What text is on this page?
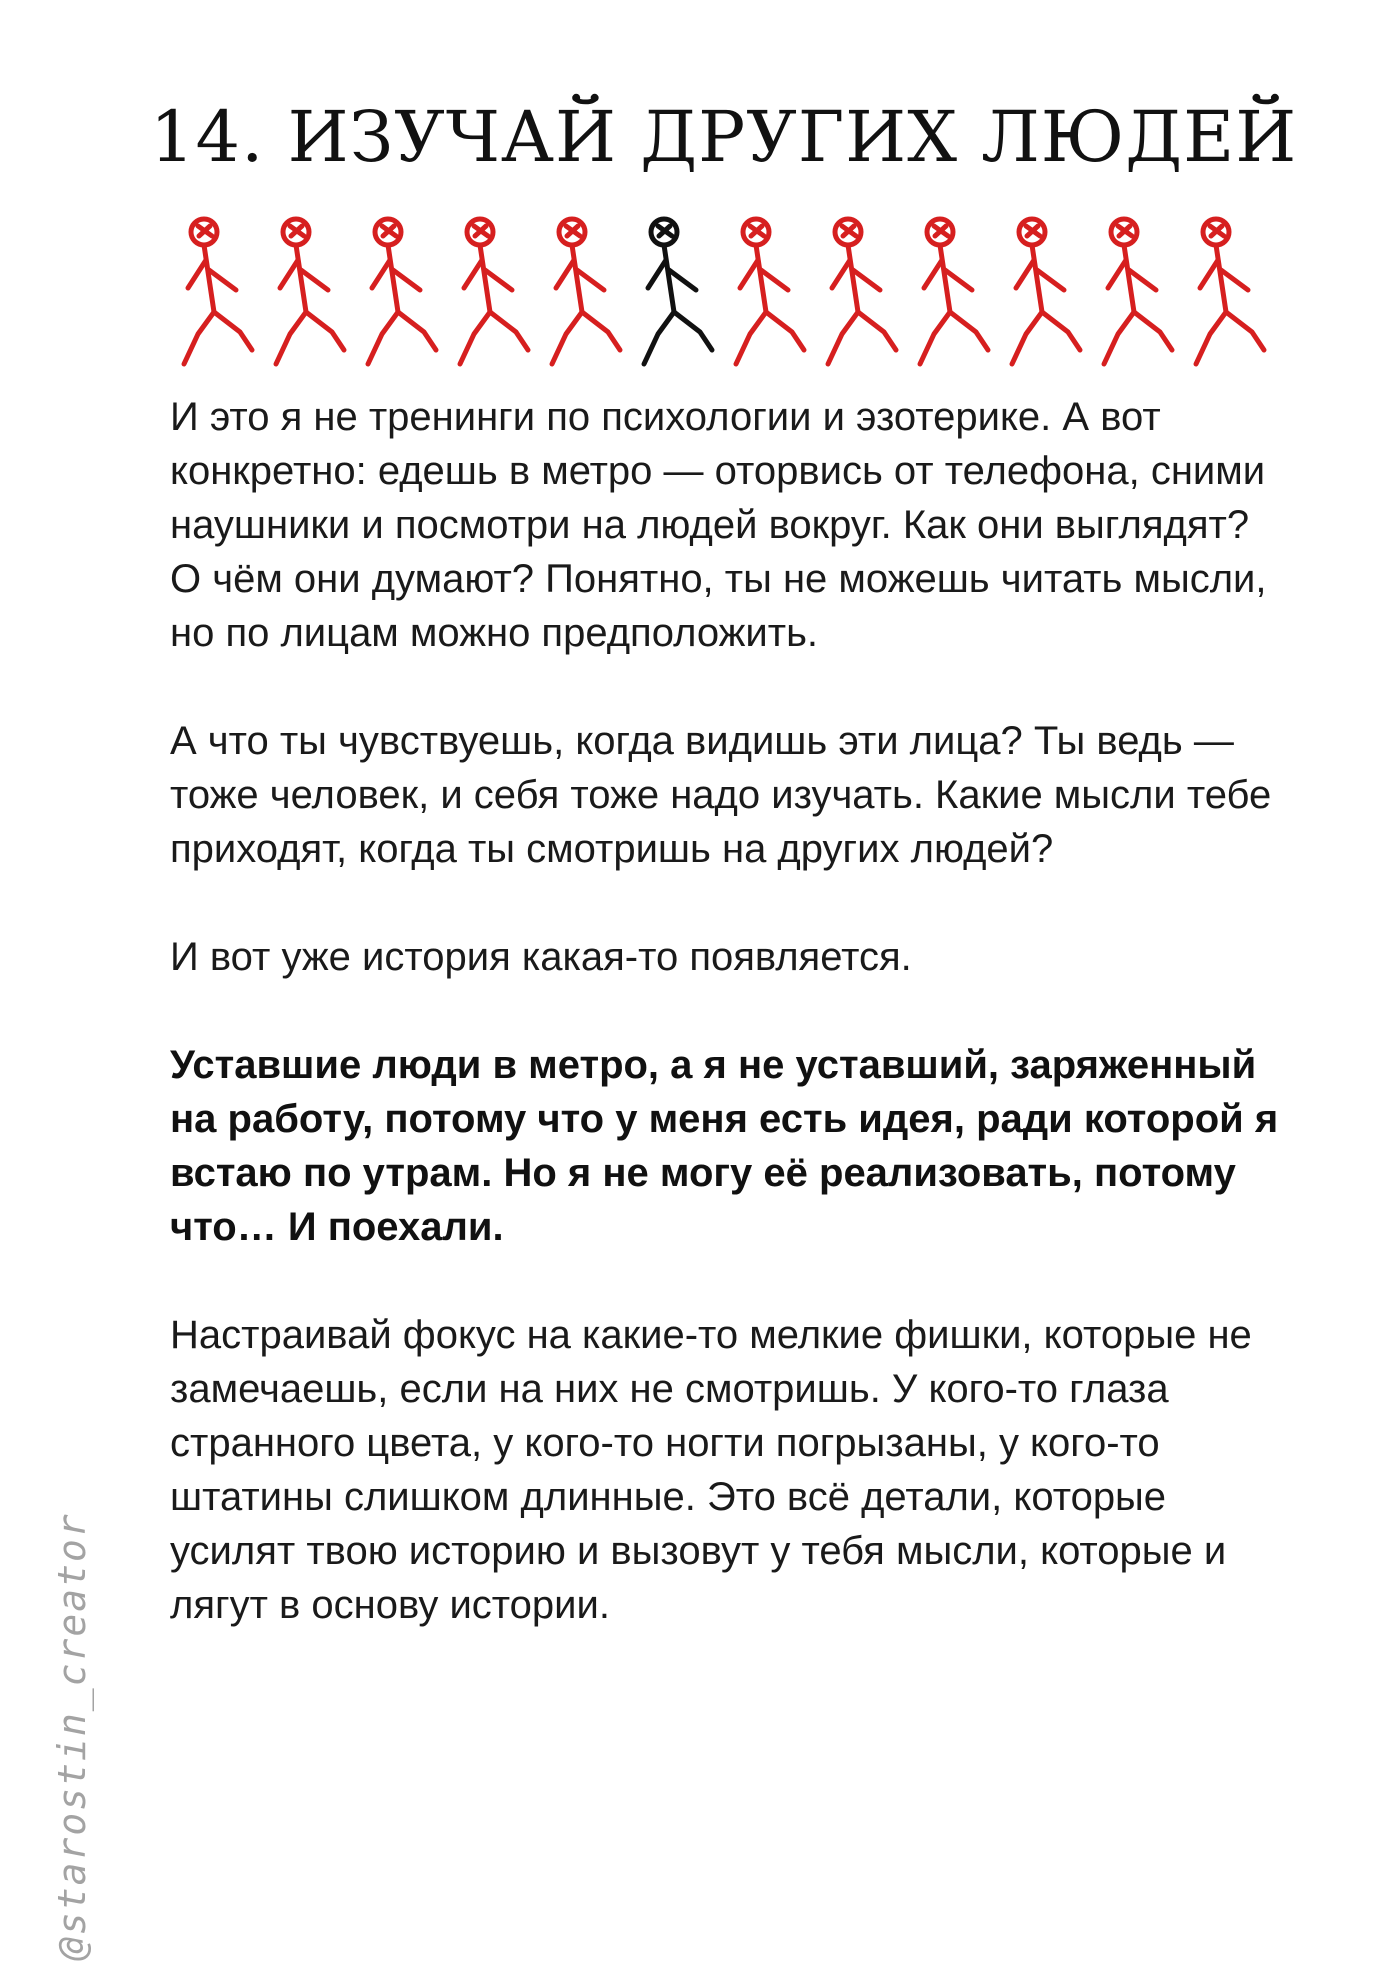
14. ИЗУЧАЙ ДРУГИХ ЛЮДЕЙ

И это я не тренинги по психологии и эзотерике. А вот конкретно: едешь в метро — оторвись от телефона, сними наушники и посмотри на людей вокруг. Как они выглядят? О чём они думают? Понятно, ты не можешь читать мысли, но по лицам можно предположить.

А что ты чувствуешь, когда видишь эти лица? Ты ведь — тоже человек, и себя тоже надо изучать. Какие мысли тебе приходят, когда ты смотришь на других людей?

И вот уже история какая-то появляется.

Уставшие люди в метро, а я не уставший, заряженный на работу, потому что у меня есть идея, ради которой я встаю по утрам. Но я не могу её реализовать, потому что… И поехали.

Настраивай фокус на какие-то мелкие фишки, которые не замечаешь, если на них не смотришь. У кого-то глаза странного цвета, у кого-то ногти погрызаны, у кого-то штатины слишком длинные. Это всё детали, которые усилят твою историю и вызовут у тебя мысли, которые и лягут в основу истории.

@starostin_creator
